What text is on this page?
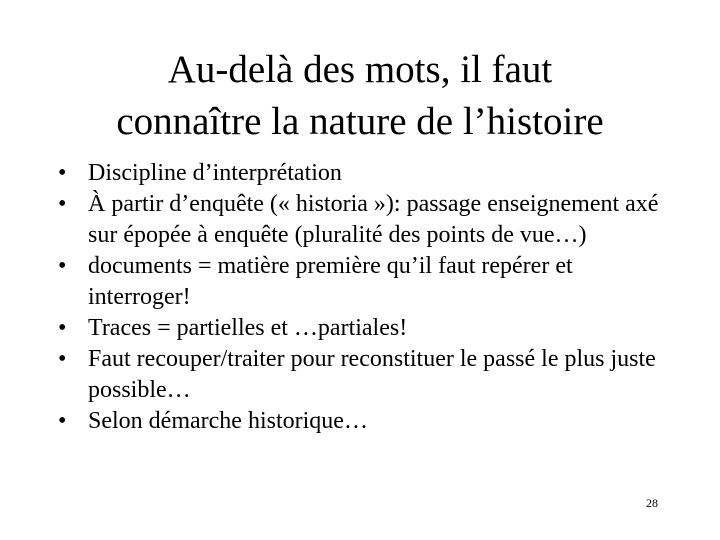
Au-delà des mots, il faut
connaître la nature de l’histoire
• Discipline d’interprétation
• À partir d’enquête (« historia »): passage enseignement axé sur épopée à enquête (pluralité des points de vue…)
• documents = matière première qu’il faut repérer et interroger!
• Traces = partielles et …partiales!
• Faut recouper/traiter pour reconstituer le passé le plus juste possible…
• Selon démarche historique…
28
